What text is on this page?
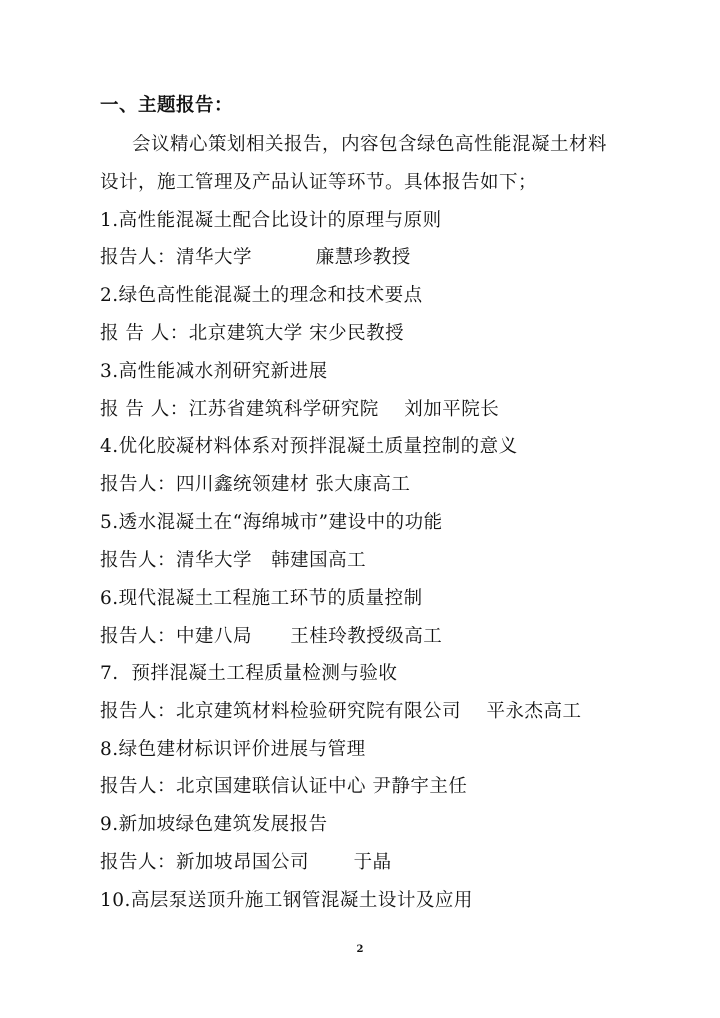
一、主题报告：
会议精心策划相关报告，内容包含绿色高性能混凝土材料
设计，施工管理及产品认证等环节。具体报告如下；
1.高性能混凝土配合比设计的原理与原则
报告人：清华大学          廉慧珍教授
2.绿色高性能混凝土的理念和技术要点
报 告 人：北京建筑大学 宋少民教授
3.高性能减水剂研究新进展
报 告 人：江苏省建筑科学研究院    刘加平院长
4.优化胶凝材料体系对预拌混凝土质量控制的意义
报告人：四川鑫统领建材 张大康高工
5.透水混凝土在“海绵城市”建设中的功能
报告人：清华大学   韩建国高工
6.现代混凝土工程施工环节的质量控制
报告人：中建八局      王桂玲教授级高工
7.  预拌混凝土工程质量检测与验收
报告人：北京建筑材料检验研究院有限公司    平永杰高工
8.绿色建材标识评价进展与管理
报告人：北京国建联信认证中心 尹静宇主任
9.新加坡绿色建筑发展报告
报告人：新加坡昂国公司       于晶
10.高层泵送顶升施工钢管混凝土设计及应用
2
